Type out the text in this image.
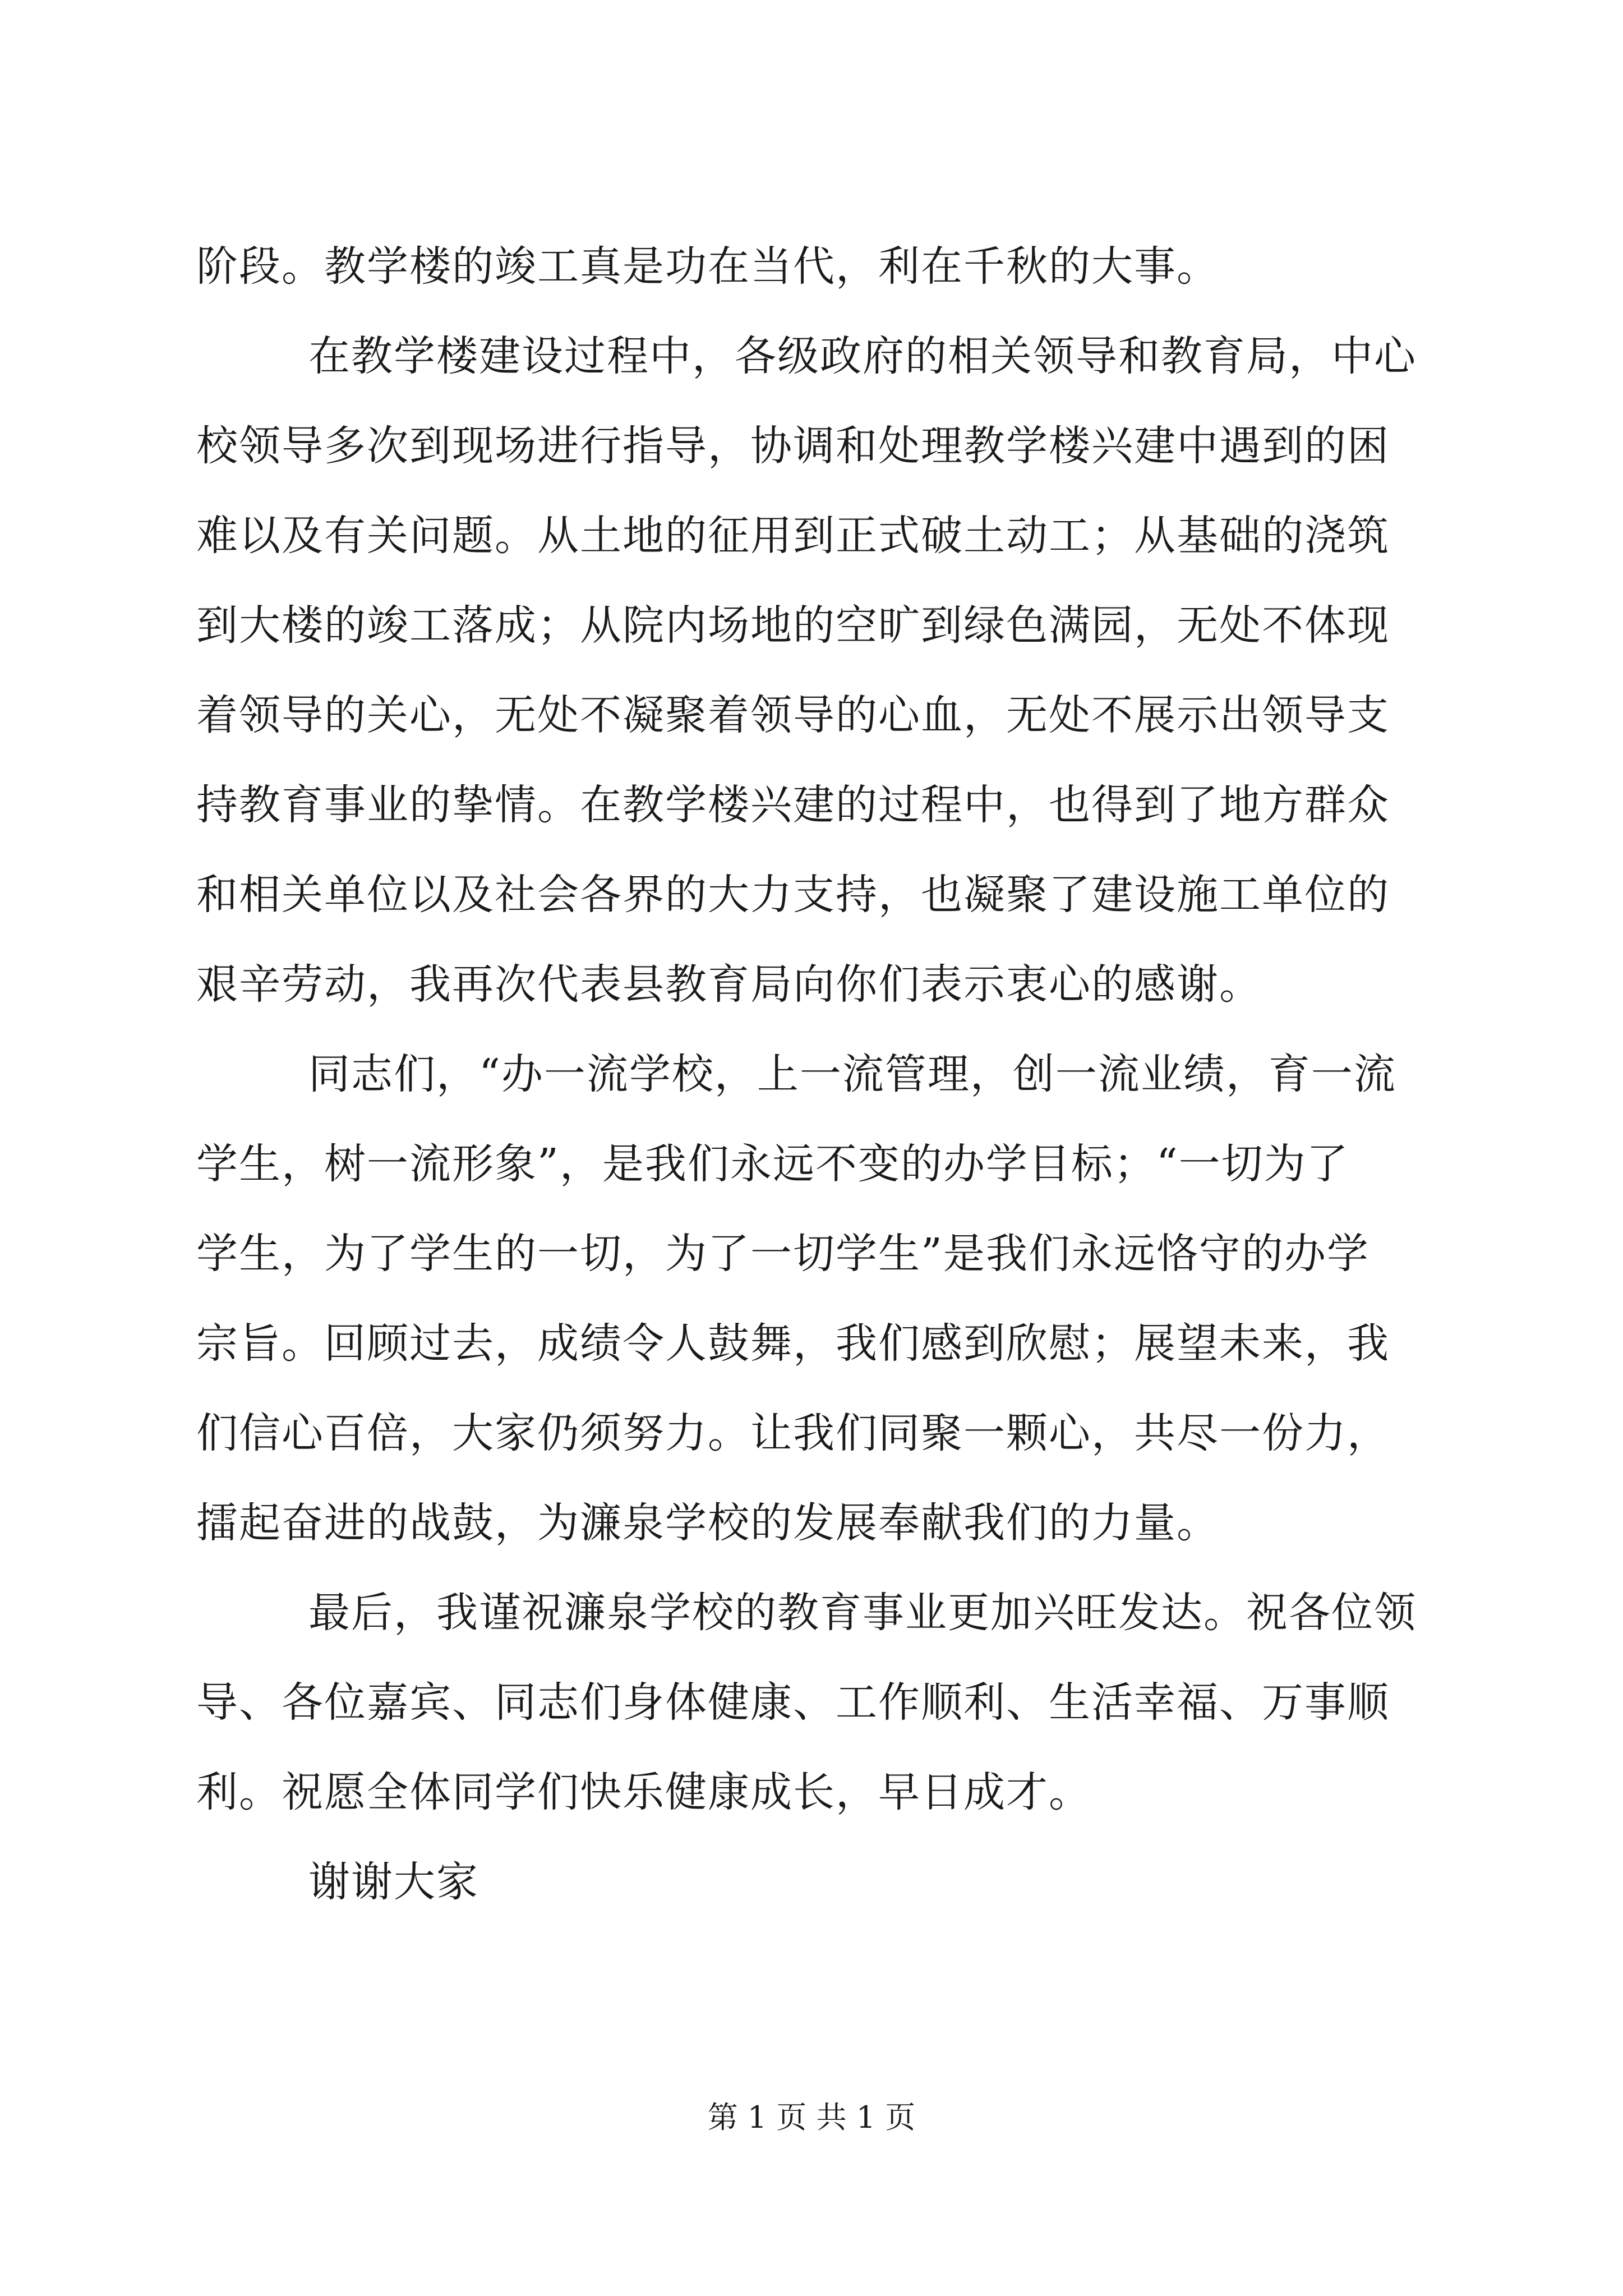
阶段。教学楼的竣工真是功在当代，利在千秋的大事。
在教学楼建设过程中，各级政府的相关领导和教育局，中心
校领导多次到现场进行指导，协调和处理教学楼兴建中遇到的困
难以及有关问题。从土地的征用到正式破土动工；从基础的浇筑
到大楼的竣工落成；从院内场地的空旷到绿色满园，无处不体现
着领导的关心，无处不凝聚着领导的心血，无处不展示出领导支
持教育事业的挚情。在教学楼兴建的过程中，也得到了地方群众
和相关单位以及社会各界的大力支持，也凝聚了建设施工单位的
艰辛劳动，我再次代表县教育局向你们表示衷心的感谢。
同志们，“办一流学校，上一流管理，创一流业绩，育一流
学生，树一流形象”，是我们永远不变的办学目标；“一切为了
学生，为了学生的一切，为了一切学生”是我们永远恪守的办学
宗旨。回顾过去，成绩令人鼓舞，我们感到欣慰；展望未来，我
们信心百倍，大家仍须努力。让我们同聚一颗心，共尽一份力，
擂起奋进的战鼓，为濂泉学校的发展奉献我们的力量。
最后，我谨祝濂泉学校的教育事业更加兴旺发达。祝各位领
导、各位嘉宾、同志们身体健康、工作顺利、生活幸福、万事顺
利。祝愿全体同学们快乐健康成长，早日成才。
谢谢大家
第 1 页 共 1 页
